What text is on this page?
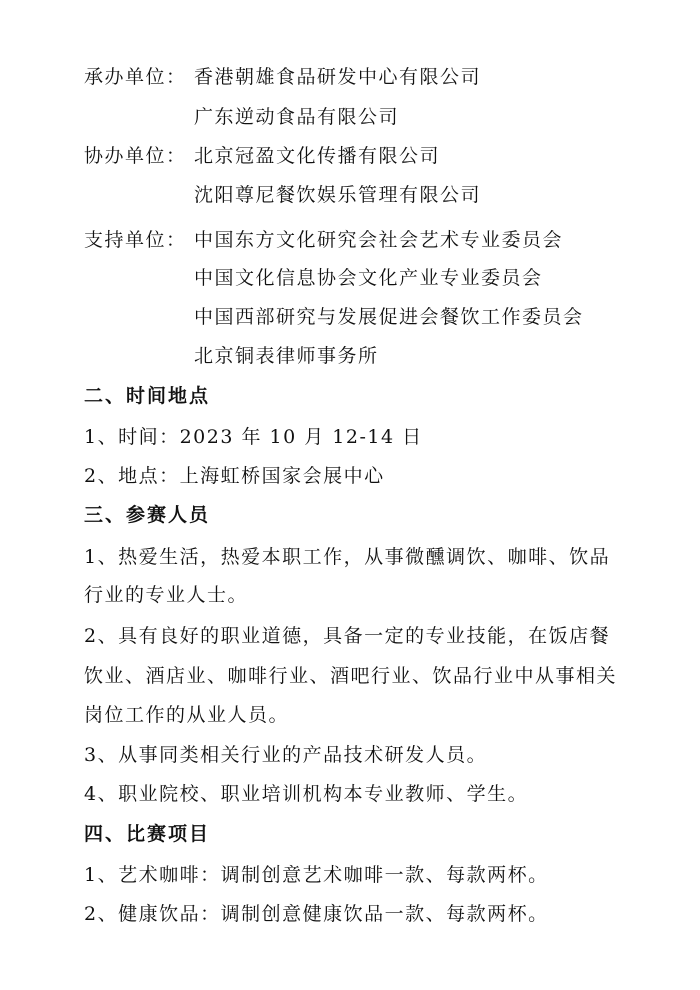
承办单位： 香港朝雄食品研发中心有限公司
广东逆动食品有限公司
协办单位： 北京冠盈文化传播有限公司
沈阳尊尼餐饮娱乐管理有限公司
支持单位： 中国东方文化研究会社会艺术专业委员会
中国文化信息协会文化产业专业委员会
中国西部研究与发展促进会餐饮工作委员会
北京铜表律师事务所
二、时间地点
1、时间：2023 年 10 月 12-14 日
2、地点：上海虹桥国家会展中心
三、参赛人员
1、热爱生活，热爱本职工作，从事微醺调饮、咖啡、饮品
行业的专业人士。
2、具有良好的职业道德，具备一定的专业技能，在饭店餐
饮业、酒店业、咖啡行业、酒吧行业、饮品行业中从事相关
岗位工作的从业人员。
3、从事同类相关行业的产品技术研发人员。
4、职业院校、职业培训机构本专业教师、学生。
四、比赛项目
1、艺术咖啡：调制创意艺术咖啡一款、每款两杯。
2、健康饮品：调制创意健康饮品一款、每款两杯。
